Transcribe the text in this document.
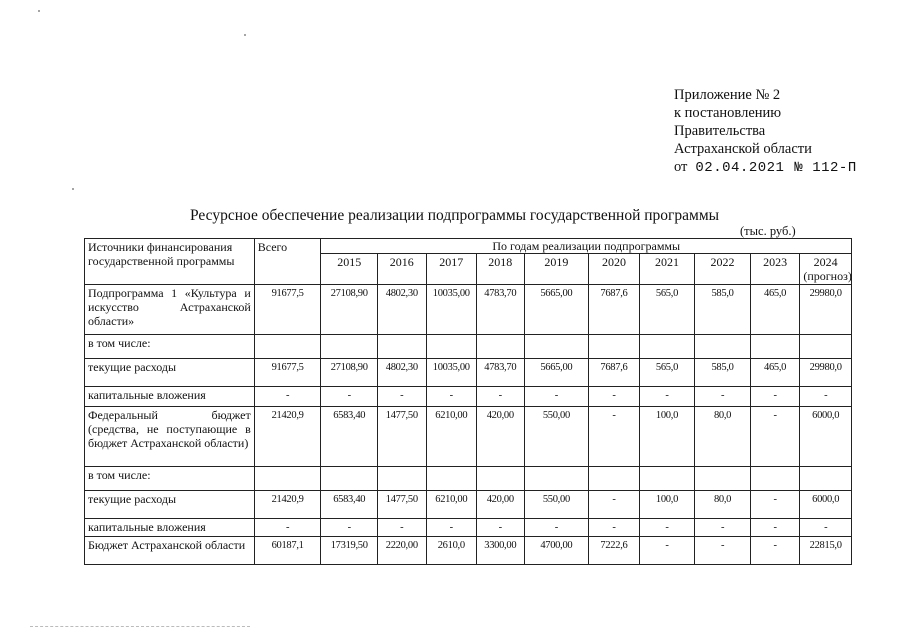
Приложение № 2
к постановлению
Правительства
Астраханской области
от 02.04.2021 № 112-П
Ресурсное обеспечение реализации подпрограммы государственной программы
(тыс. руб.)
Источники финансирования государственной программы	Всего	По годам реализации подпрограммы									
		2015	2016	2017	2018	2019	2020	2021	2022	2023	2024
(прогноз)
Подпрограмма 1 «Культура и искусство Астраханской области»	91677,5	27108,90	4802,30	10035,00	4783,70	5665,00	7687,6	565,0	585,0	465,0	29980,0
в том числе:											
текущие расходы	91677,5	27108,90	4802,30	10035,00	4783,70	5665,00	7687,6	565,0	585,0	465,0	29980,0
капитальные вложения	-	-	-	-	-	-	-	-	-	-	-
Федеральный бюджет (средства, не поступающие в бюджет Астраханской области)	21420,9	6583,40	1477,50	6210,00	420,00	550,00	-	100,0	80,0	-	6000,0
в том числе:											
текущие расходы	21420,9	6583,40	1477,50	6210,00	420,00	550,00	-	100,0	80,0	-	6000,0
капитальные вложения	-	-	-	-	-	-	-	-	-	-	-
Бюджет Астраханской области	60187,1	17319,50	2220,00	2610,0	3300,00	4700,00	7222,6	-	-	-	22815,0
